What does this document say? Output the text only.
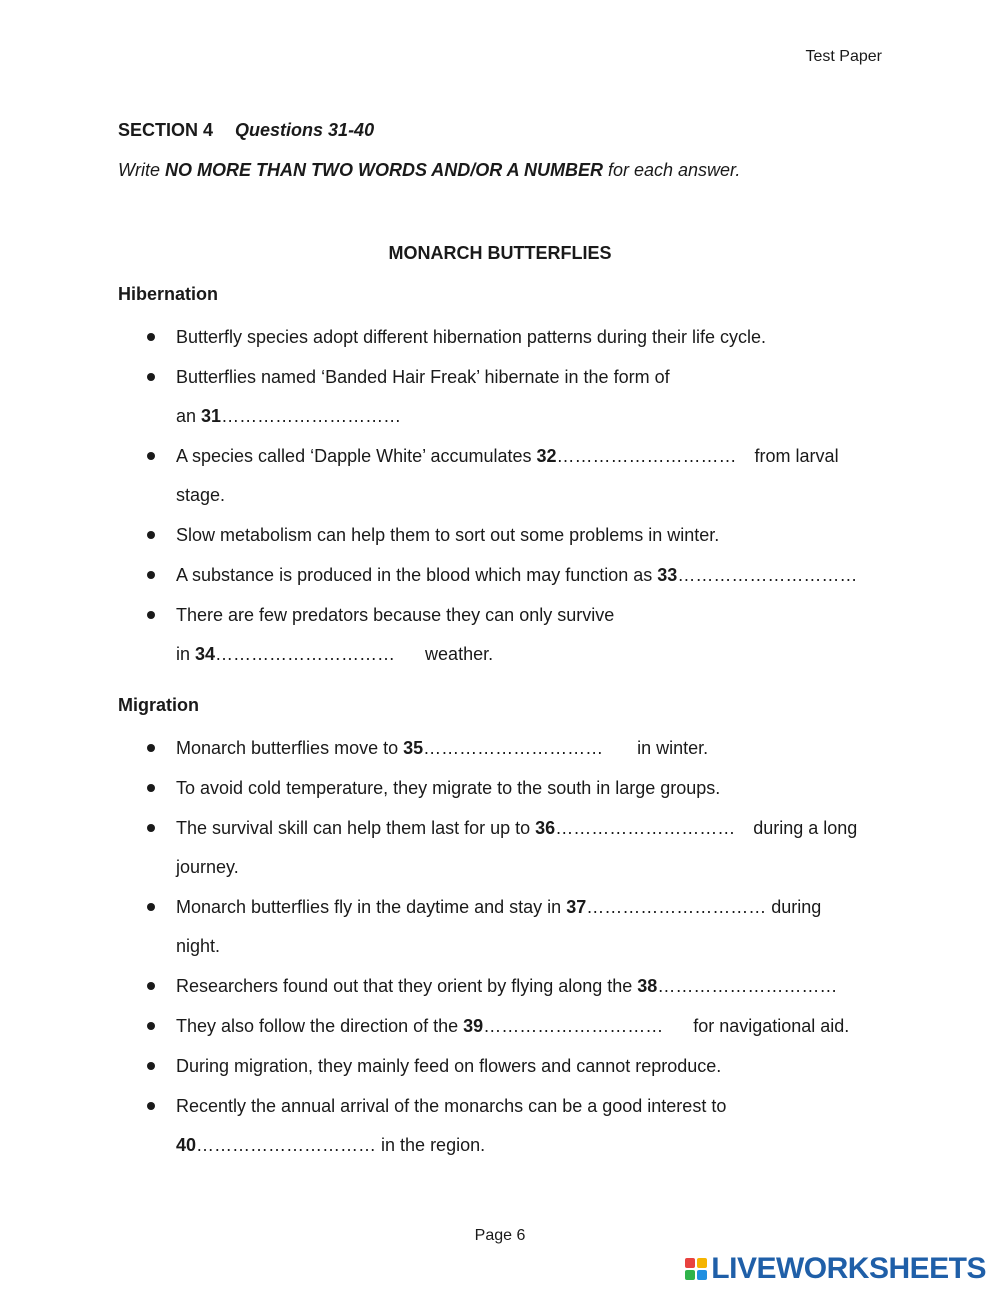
Test Paper
SECTION 4 Questions 31-40
Write NO MORE THAN TWO WORDS AND/OR A NUMBER for each answer.
MONARCH BUTTERFLIES
Hibernation
Butterfly species adopt different hibernation patterns during their life cycle.
Butterflies named ‘Banded Hair Freak’ hibernate in the form of
an 31…………………………
A species called ‘Dapple White’ accumulates 32………………………… from larval
stage.
Slow metabolism can help them to sort out some problems in winter.
A substance is produced in the blood which may function as 33…………………………
There are few predators because they can only survive
in 34………………………… weather.
Migration
Monarch butterflies move to 35………………………… in winter.
To avoid cold temperature, they migrate to the south in large groups.
The survival skill can help them last for up to 36………………………… during a long
journey.
Monarch butterflies fly in the daytime and stay in 37………………………… during
night.
Researchers found out that they orient by flying along the 38…………………………
They also follow the direction of the 39………………………… for navigational aid.
During migration, they mainly feed on flowers and cannot reproduce.
Recently the annual arrival of the monarchs can be a good interest to
40………………………… in the region.
Page 6
LIVEWORKSHEETS
